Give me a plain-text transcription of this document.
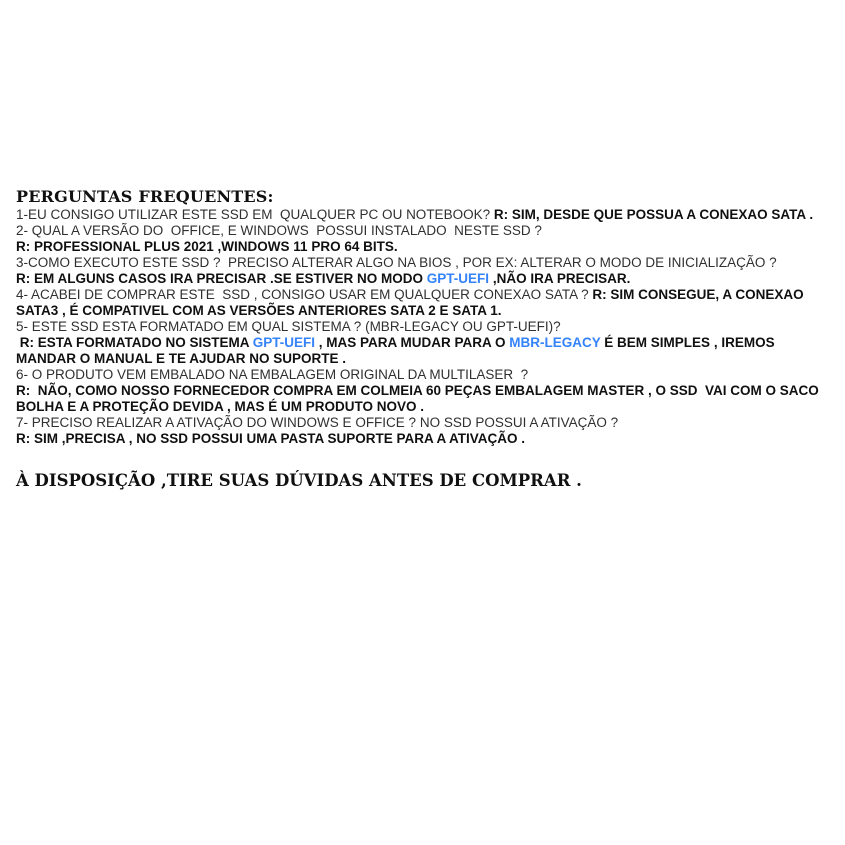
PERGUNTAS FREQUENTES:

1-EU CONSIGO UTILIZAR ESTE SSD EM  QUALQUER PC OU NOTEBOOK? R: SIM, DESDE QUE POSSUA A CONEXAO SATA .

2- QUAL A VERSÃO DO  OFFICE, E WINDOWS  POSSUI INSTALADO  NESTE SSD ?

R: PROFESSIONAL PLUS 2021 ,WINDOWS 11 PRO 64 BITS.

3-COMO EXECUTO ESTE SSD ?  PRECISO ALTERAR ALGO NA BIOS , POR EX: ALTERAR O MODO DE INICIALIZAÇÃO ?

R: EM ALGUNS CASOS IRA PRECISAR .SE ESTIVER NO MODO GPT-UEFI ,NÃO IRA PRECISAR.

4- ACABEI DE COMPRAR ESTE  SSD , CONSIGO USAR EM QUALQUER CONEXAO SATA ? R: SIM CONSEGUE, A CONEXAO SATA3 , É COMPATIVEL COM AS VERSÕES ANTERIORES SATA 2 E SATA 1.

5- ESTE SSD ESTA FORMATADO EM QUAL SISTEMA ? (MBR-LEGACY OU GPT-UEFI)?

R: ESTA FORMATADO NO SISTEMA GPT-UEFI , MAS PARA MUDAR PARA O MBR-LEGACY É BEM SIMPLES , IREMOS MANDAR O MANUAL E TE AJUDAR NO SUPORTE .

6- O PRODUTO VEM EMBALADO NA EMBALAGEM ORIGINAL DA MULTILASER  ?

R:  NÃO, COMO NOSSO FORNECEDOR COMPRA EM COLMEIA 60 PEÇAS EMBALAGEM MASTER , O SSD  VAI COM O SACO BOLHA E A PROTEÇÃO DEVIDA , MAS É UM PRODUTO NOVO .

7- PRECISO REALIZAR A ATIVAÇÃO DO WINDOWS E OFFICE ? NO SSD POSSUI A ATIVAÇÃO ?

R: SIM ,PRECISA , NO SSD POSSUI UMA PASTA SUPORTE PARA A ATIVAÇÃO .

À DISPOSIÇÃO ,TIRE SUAS DÚVIDAS ANTES DE COMPRAR .
